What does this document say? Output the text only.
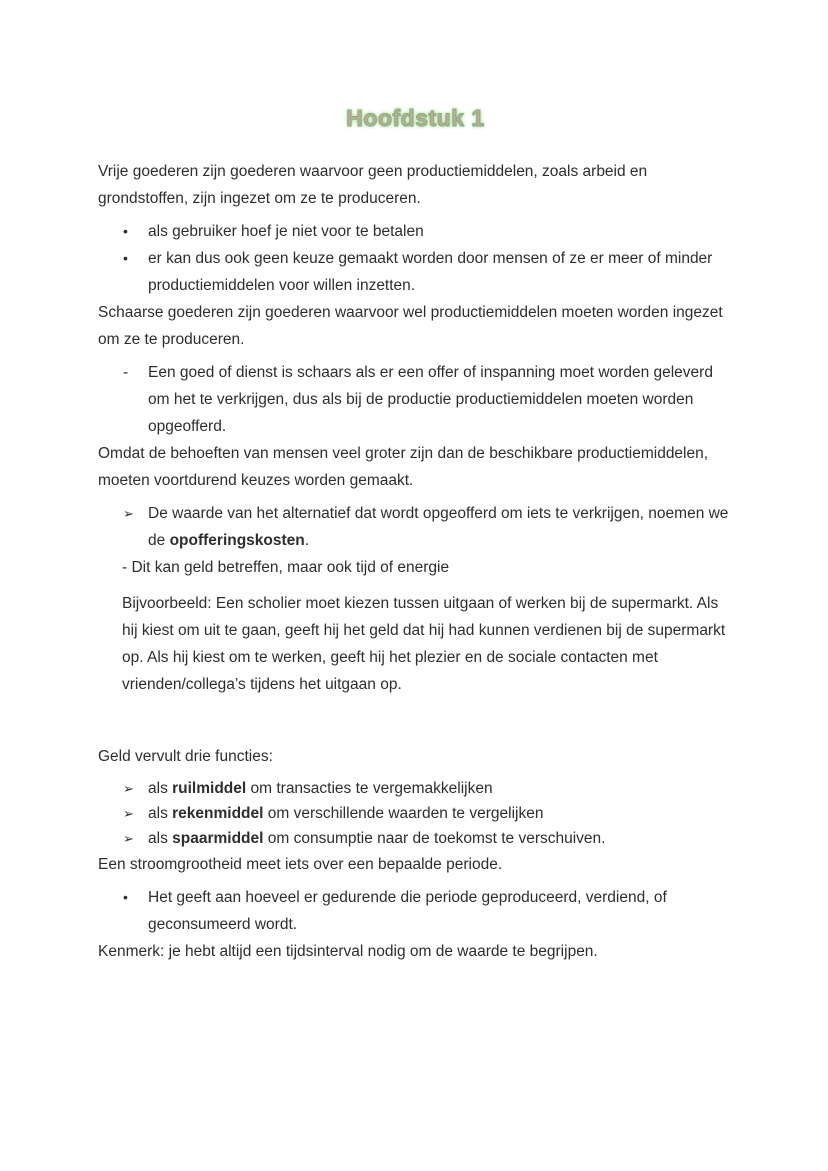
Hoofdstuk 1

Vrije goederen zijn goederen waarvoor geen productiemiddelen, zoals arbeid en grondstoffen, zijn ingezet om ze te produceren.

• als gebruiker hoef je niet voor te betalen
• er kan dus ook geen keuze gemaakt worden door mensen of ze er meer of minder productiemiddelen voor willen inzetten.

Schaarse goederen zijn goederen waarvoor wel productiemiddelen moeten worden ingezet om ze te produceren.

- Een goed of dienst is schaars als er een offer of inspanning moet worden geleverd om het te verkrijgen, dus als bij de productie productiemiddelen moeten worden opgeofferd.

Omdat de behoeften van mensen veel groter zijn dan de beschikbare productiemiddelen, moeten voortdurend keuzes worden gemaakt.

➢ De waarde van het alternatief dat wordt opgeofferd om iets te verkrijgen, noemen we de opofferingskosten.

- Dit kan geld betreffen, maar ook tijd of energie

Bijvoorbeeld: Een scholier moet kiezen tussen uitgaan of werken bij de supermarkt. Als hij kiest om uit te gaan, geeft hij het geld dat hij had kunnen verdienen bij de supermarkt op. Als hij kiest om te werken, geeft hij het plezier en de sociale contacten met vrienden/collega’s tijdens het uitgaan op.

Geld vervult drie functies:

➢ als ruilmiddel om transacties te vergemakkelijken
➢ als rekenmiddel om verschillende waarden te vergelijken
➢ als spaarmiddel om consumptie naar de toekomst te verschuiven.

Een stroomgrootheid meet iets over een bepaalde periode.

• Het geeft aan hoeveel er gedurende die periode geproduceerd, verdiend, of geconsumeerd wordt.

Kenmerk: je hebt altijd een tijdsinterval nodig om de waarde te begrijpen.
